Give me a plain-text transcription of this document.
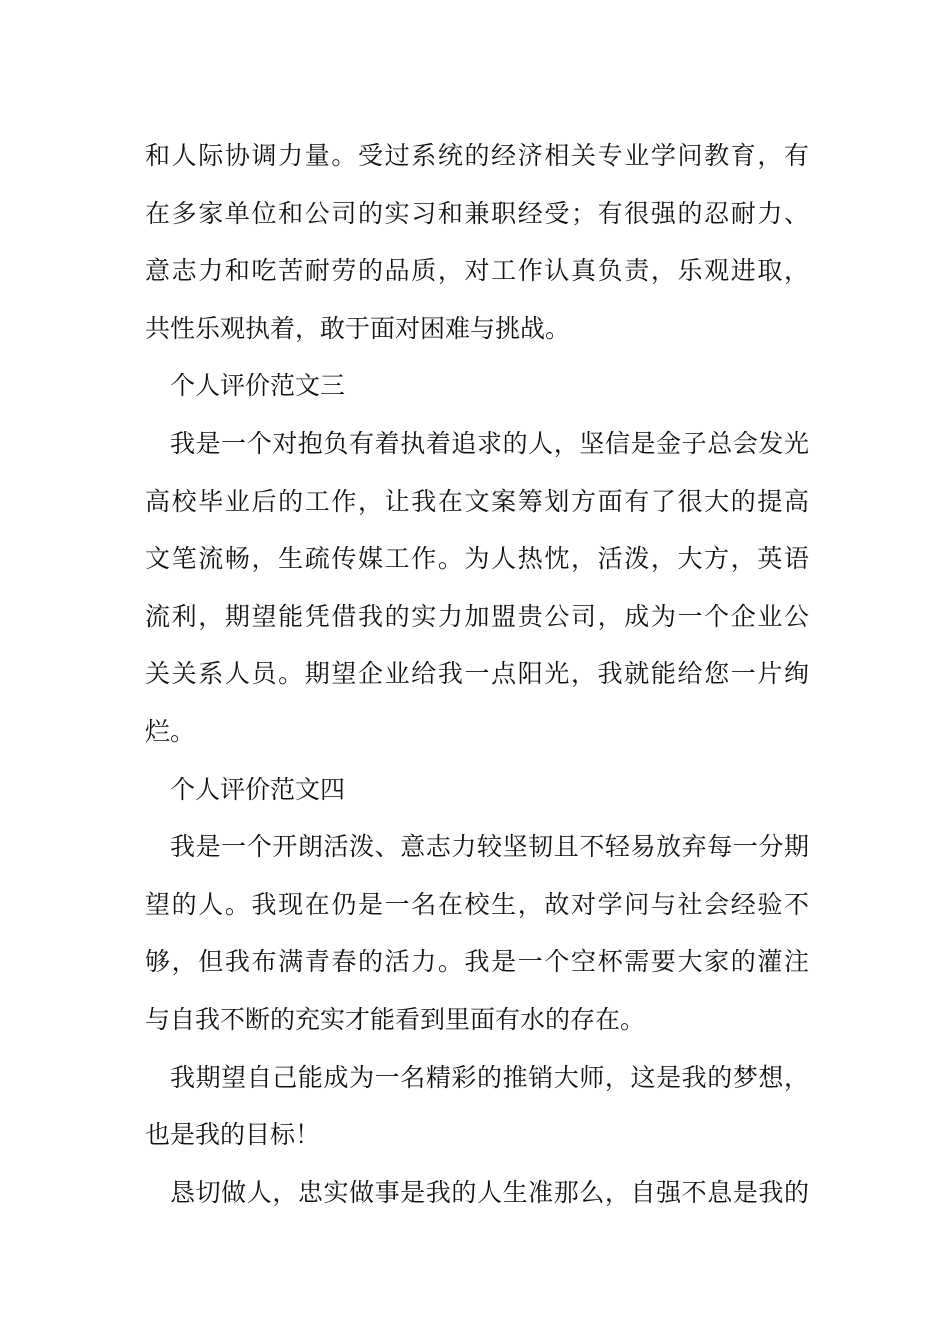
和人际协调力量。受过系统的经济相关专业学问教育，有
在多家单位和公司的实习和兼职经受；有很强的忍耐力、
意志力和吃苦耐劳的品质，对工作认真负责，乐观进取，
共性乐观执着，敢于面对困难与挑战。
个人评价范文三
我是一个对抱负有着执着追求的人，坚信是金子总会发光
高校毕业后的工作，让我在文案筹划方面有了很大的提高
文笔流畅，生疏传媒工作。为人热忱，活泼，大方，英语
流利，期望能凭借我的实力加盟贵公司，成为一个企业公
关关系人员。期望企业给我一点阳光，我就能给您一片绚
烂。
个人评价范文四
我是一个开朗活泼、意志力较坚韧且不轻易放弃每一分期
望的人。我现在仍是一名在校生，故对学问与社会经验不
够，但我布满青春的活力。我是一个空杯需要大家的灌注
与自我不断的充实才能看到里面有水的存在。
我期望自己能成为一名精彩的推销大师，这是我的梦想，
也是我的目标！
恳切做人，忠实做事是我的人生准那么，自强不息是我的
